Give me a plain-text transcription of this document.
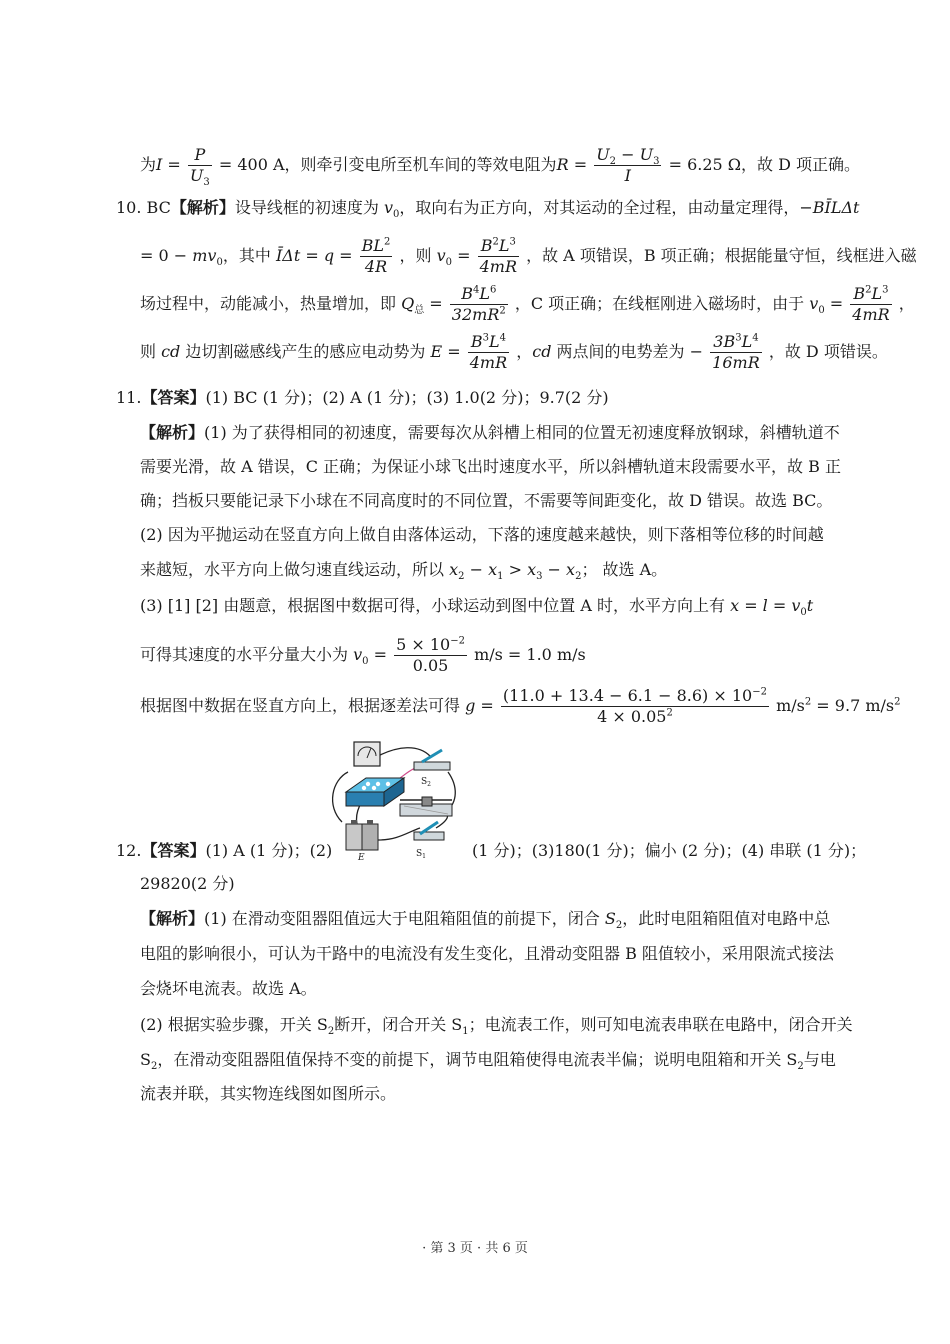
为$I = \frac{P}{U_3} = 400$ A，则牵引变电所至机车间的等效电阻为$R = \frac{U_2 - U_3}{I} = 6.25$ Ω，故 D 项正确。
10. BC【解析】设导线框的初速度为 $v_0$，取向右为正方向，对其运动的全过程，由动量定理得，−BĪLΔt
= $0 - mv_0$，其中 ĪΔt = $q = \frac{BL^2}{4R}$ ，则 $v_0 = \frac{B^2L^3}{4mR}$ ，故 A 项错误，B 项正确；根据能量守恒，线框进入磁
场过程中，动能减小，热量增加，即 $Q_总 = \frac{B^4L^6}{32mR^2}$ ，C 项正确；在线框刚进入磁场时，由于 $v_0 = \frac{B^2L^3}{4mR}$ ，
则 cd 边切割磁感线产生的感应电动势为 $E = \frac{B^3L^4}{4mR}$ ，cd 两点间的电势差为 − $\frac{3B^3L^4}{16mR}$ ，故 D 项错误。
11.【答案】(1) BC (1 分)；(2) A (1 分)；(3) 1.0(2 分)；9.7(2 分)
【解析】(1) 为了获得相同的初速度，需要每次从斜槽上相同的位置无初速度释放钢球，斜槽轨道不
需要光滑，故 A 错误，C 正确；为保证小球飞出时速度水平，所以斜槽轨道末段需要水平，故 B 正
确；挡板只要能记录下小球在不同高度时的不同位置，不需要等间距变化，故 D 错误。故选 BC。
(2) 因为平抛运动在竖直方向上做自由落体运动，下落的速度越来越快，则下落相等位移的时间越
来越短，水平方向上做匀速直线运动，所以 $x_2 - x_1 > x_3 - x_2$； 故选 A。
(3) [1] [2] 由题意，根据图中数据可得，小球运动到图中位置 A 时，水平方向上有 $x = l = v_0t$
可得其速度的水平分量大小为 $v_0 = \frac{5 \times 10^{-2}}{0.05} m/s = 1.0$ m/s
根据图中数据在竖直方向上，根据逐差法可得 $g = \frac{(11.0 + 13.4 - 6.1 - 8.6) \times 10^{-2}}{4 \times 0.05^2} m/s^2 = 9.7$ $m/s^2$
$S_2$
E	$S_1$
12.【答案】(1) A (1 分)；(2)	(1 分)；(3)180(1 分)；偏小 (2 分)；(4) 串联 (1 分)；
29820(2 分)
【解析】(1) 在滑动变阻器阻值远大于电阻箱阻值的前提下，闭合 $S_2$，此时电阻箱阻值对电路中总
电阻的影响很小，可认为干路中的电流没有发生变化，且滑动变阻器 B 阻值较小，采用限流式接法
会烧坏电流表。故选 A。
(2) 根据实验步骤，开关 $S_2$断开，闭合开关 $S_1$；电流表工作，则可知电流表串联在电路中，闭合开关
$S_2$，在滑动变阻器阻值保持不变的前提下，调节电阻箱使得电流表半偏；说明电阻箱和开关 $S_2$与电
流表并联，其实物连线图如图所示。
· 第 3 页 · 共 6 页
